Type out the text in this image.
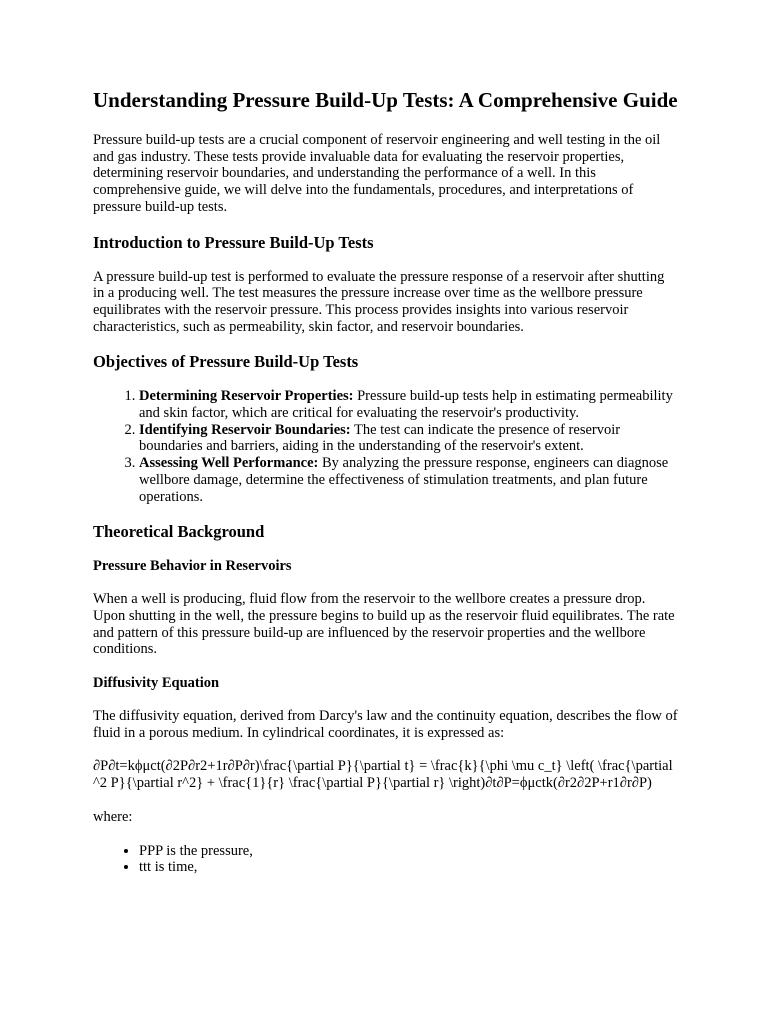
Understanding Pressure Build-Up Tests: A Comprehensive Guide

Pressure build-up tests are a crucial component of reservoir engineering and well testing in the oil and gas industry. These tests provide invaluable data for evaluating the reservoir properties, determining reservoir boundaries, and understanding the performance of a well. In this comprehensive guide, we will delve into the fundamentals, procedures, and interpretations of pressure build-up tests.

Introduction to Pressure Build-Up Tests

A pressure build-up test is performed to evaluate the pressure response of a reservoir after shutting in a producing well. The test measures the pressure increase over time as the wellbore pressure equilibrates with the reservoir pressure. This process provides insights into various reservoir characteristics, such as permeability, skin factor, and reservoir boundaries.

Objectives of Pressure Build-Up Tests
1. Determining Reservoir Properties: Pressure build-up tests help in estimating permeability and skin factor, which are critical for evaluating the reservoir's productivity.
2. Identifying Reservoir Boundaries: The test can indicate the presence of reservoir boundaries and barriers, aiding in the understanding of the reservoir's extent.
3. Assessing Well Performance: By analyzing the pressure response, engineers can diagnose wellbore damage, determine the effectiveness of stimulation treatments, and plan future operations.
Theoretical Background
Pressure Behavior in Reservoirs

When a well is producing, fluid flow from the reservoir to the wellbore creates a pressure drop. Upon shutting in the well, the pressure begins to build up as the reservoir fluid equilibrates. The rate and pattern of this pressure build-up are influenced by the reservoir properties and the wellbore conditions.

Diffusivity Equation

The diffusivity equation, derived from Darcy's law and the continuity equation, describes the flow of fluid in a porous medium. In cylindrical coordinates, it is expressed as:

∂P∂t=kϕμct(∂2P∂r2+1r∂P∂r)\frac{\partial P}{\partial t} = \frac{k}{\phi \mu c_t} \left( \frac{\partial^2 P}{\partial r^2} + \frac{1}{r} \frac{\partial P}{\partial r} \right)∂t∂P=ϕμctk(∂r2∂2P+r1∂r∂P)

where:

• PPP is the pressure,
• ttt is time,
